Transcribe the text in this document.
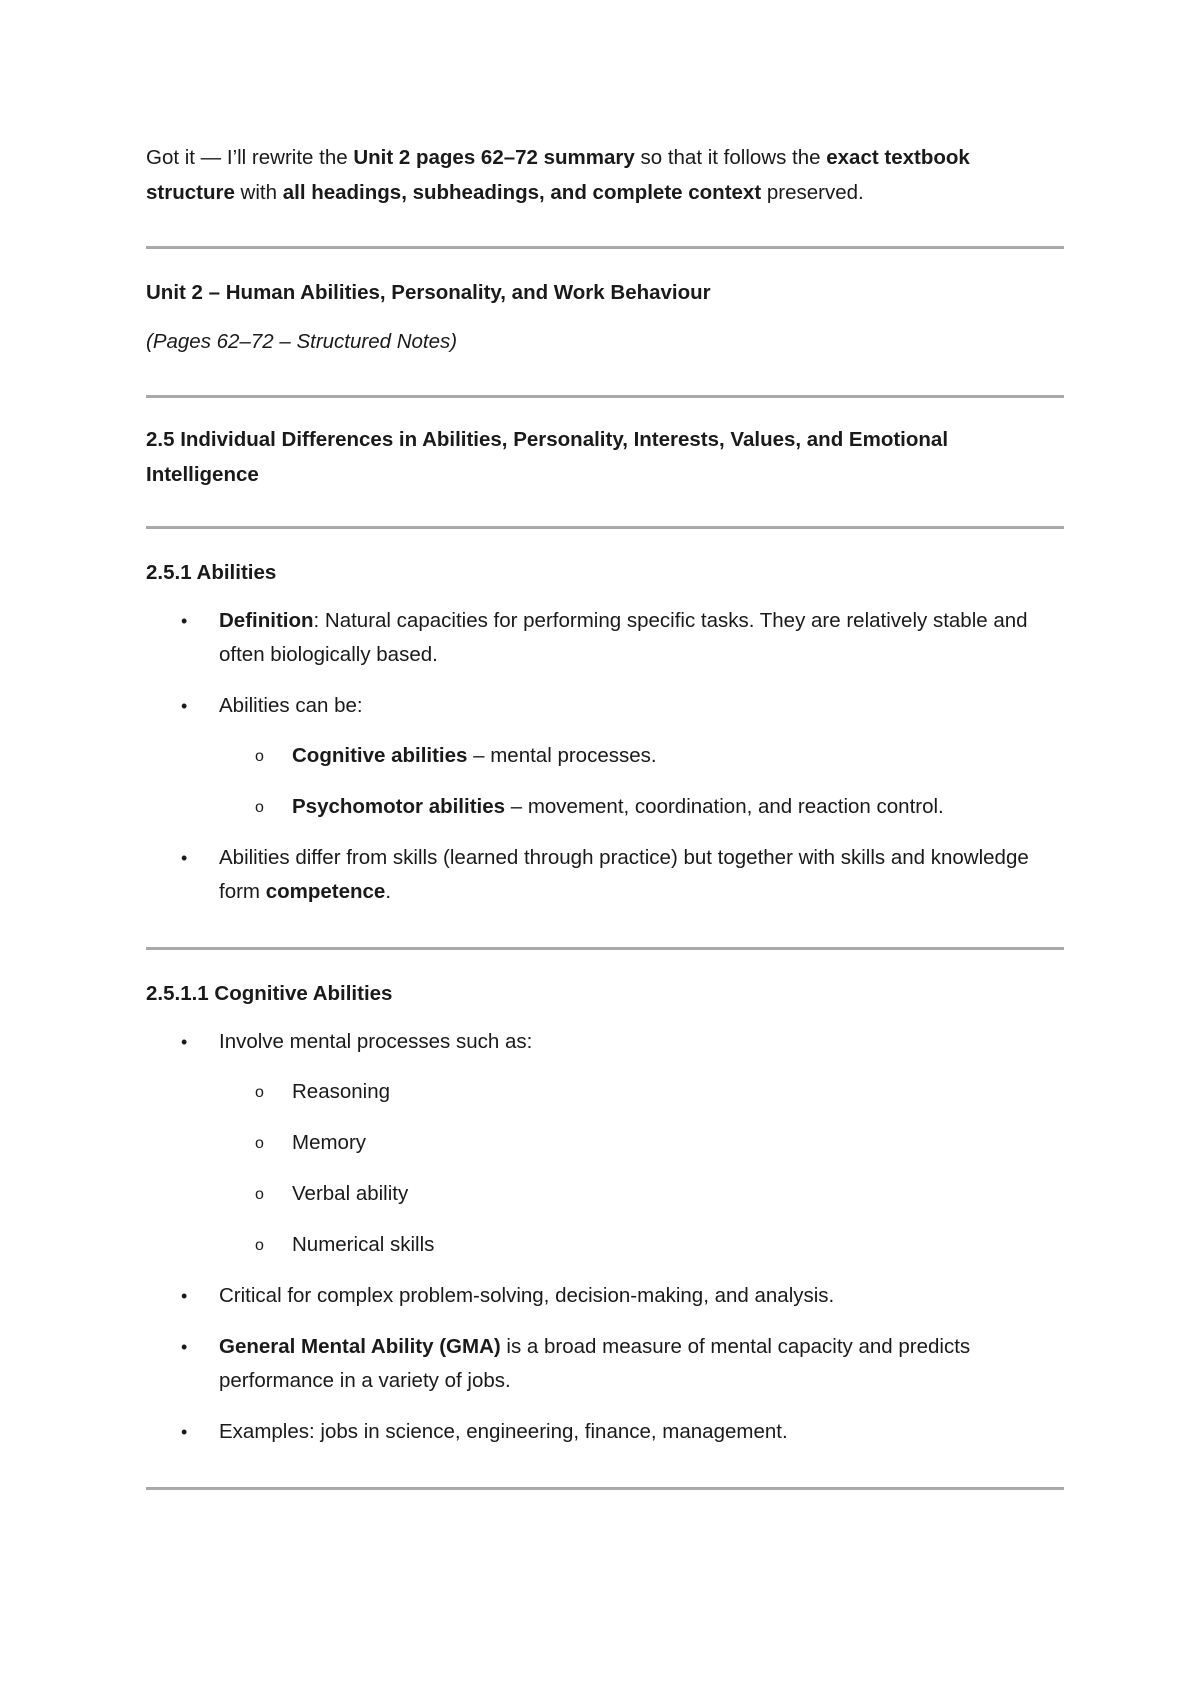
Got it — I’ll rewrite the Unit 2 pages 62–72 summary so that it follows the exact textbook structure with all headings, subheadings, and complete context preserved.

Unit 2 – Human Abilities, Personality, and Work Behaviour

(Pages 62–72 – Structured Notes)

2.5 Individual Differences in Abilities, Personality, Interests, Values, and Emotional Intelligence

2.5.1 Abilities

• Definition: Natural capacities for performing specific tasks. They are relatively stable and often biologically based.
• Abilities can be:
o Cognitive abilities – mental processes.
o Psychomotor abilities – movement, coordination, and reaction control.
• Abilities differ from skills (learned through practice) but together with skills and knowledge form competence.

2.5.1.1 Cognitive Abilities

• Involve mental processes such as:
o Reasoning
o Memory
o Verbal ability
o Numerical skills
• Critical for complex problem-solving, decision-making, and analysis.
• General Mental Ability (GMA) is a broad measure of mental capacity and predicts performance in a variety of jobs.
• Examples: jobs in science, engineering, finance, management.
